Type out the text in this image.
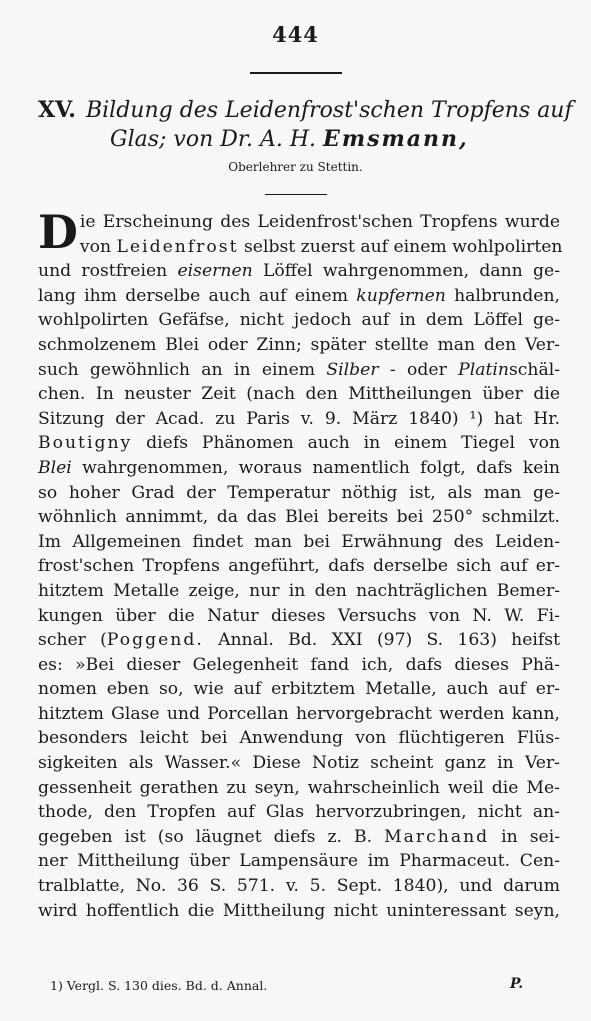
444
XV. Bildung des Leidenfrost'schen Tropfens auf
Glas; von Dr. A. H. Emsmann,
Oberlehrer zu Stettin.
Die Erscheinung des Leidenfrost'schen Tropfens wurde
von Leidenfrost selbst zuerst auf einem wohlpolirten
und rostfreien eisernen Löffel wahrgenommen, dann ge-
lang ihm derselbe auch auf einem kupfernen halbrunden,
wohlpolirten Gefäfse, nicht jedoch auf in dem Löffel ge-
schmolzenem Blei oder Zinn; später stellte man den Ver-
such gewöhnlich an in einem Silber - oder Platinschäl-
chen. In neuster Zeit (nach den Mittheilungen über die
Sitzung der Acad. zu Paris v. 9. März 1840) ¹) hat Hr.
Boutigny diefs Phänomen auch in einem Tiegel von
Blei wahrgenommen, woraus namentlich folgt, dafs kein
so hoher Grad der Temperatur nöthig ist, als man ge-
wöhnlich annimmt, da das Blei bereits bei 250° schmilzt.
Im Allgemeinen findet man bei Erwähnung des Leiden-
frost'schen Tropfens angeführt, dafs derselbe sich auf er-
hitztem Metalle zeige, nur in den nachträglichen Bemer-
kungen über die Natur dieses Versuchs von N. W. Fi-
scher (Poggend. Annal. Bd. XXI (97) S. 163) heifst
es: »Bei dieser Gelegenheit fand ich, dafs dieses Phä-
nomen eben so, wie auf erbitztem Metalle, auch auf er-
hitztem Glase und Porcellan hervorgebracht werden kann,
besonders leicht bei Anwendung von flüchtigeren Flüs-
sigkeiten als Wasser.« Diese Notiz scheint ganz in Ver-
gessenheit gerathen zu seyn, wahrscheinlich weil die Me-
thode, den Tropfen auf Glas hervorzubringen, nicht an-
gegeben ist (so läugnet diefs z. B. Marchand in sei-
ner Mittheilung über Lampensäure im Pharmaceut. Cen-
tralblatte, No. 36 S. 571. v. 5. Sept. 1840), und darum
wird hoffentlich die Mittheilung nicht uninteressant seyn,
1) Vergl. S. 130 dies. Bd. d. Annal.	P.
